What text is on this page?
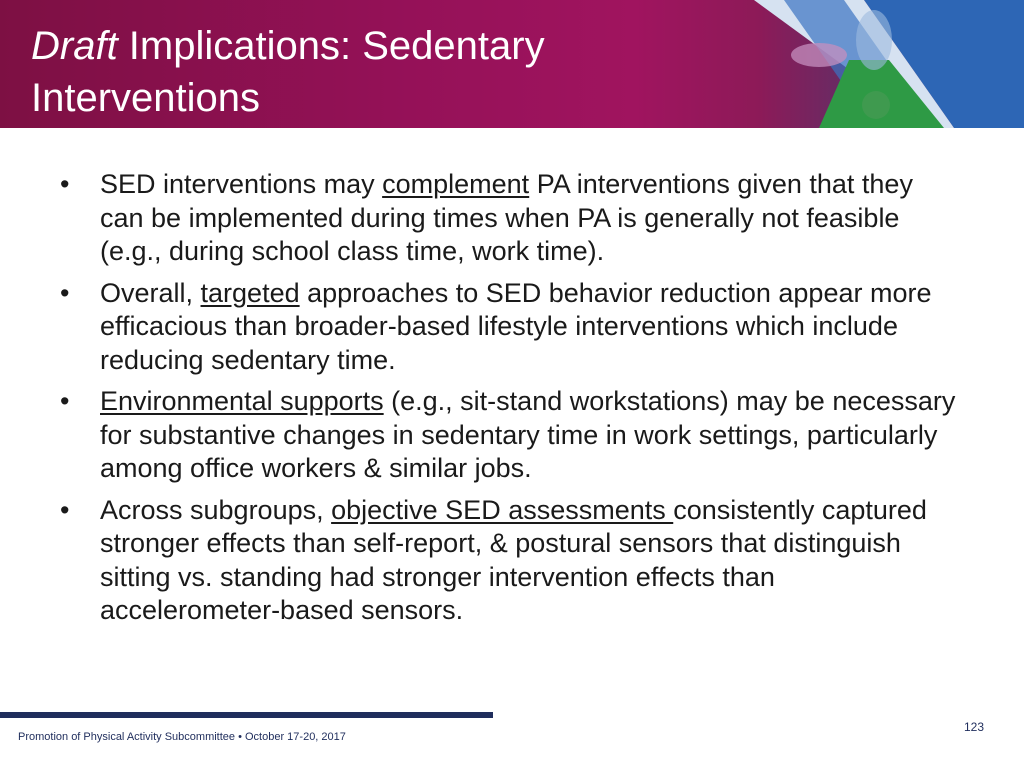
Draft Implications: Sedentary
Interventions
• SED interventions may complement PA interventions given that they can be implemented during times when PA is generally not feasible (e.g., during school class time, work time).
• Overall, targeted approaches to SED behavior reduction appear more efficacious than broader-based lifestyle interventions which include reducing sedentary time.
• Environmental supports (e.g., sit-stand workstations) may be necessary for substantive changes in sedentary time in work settings, particularly among office workers & similar jobs.
• Across subgroups, objective SED assessments consistently captured stronger effects than self-report, & postural sensors that distinguish sitting vs. standing had stronger intervention effects than accelerometer-based sensors.
Promotion of Physical Activity Subcommittee • October 17-20, 2017
123
